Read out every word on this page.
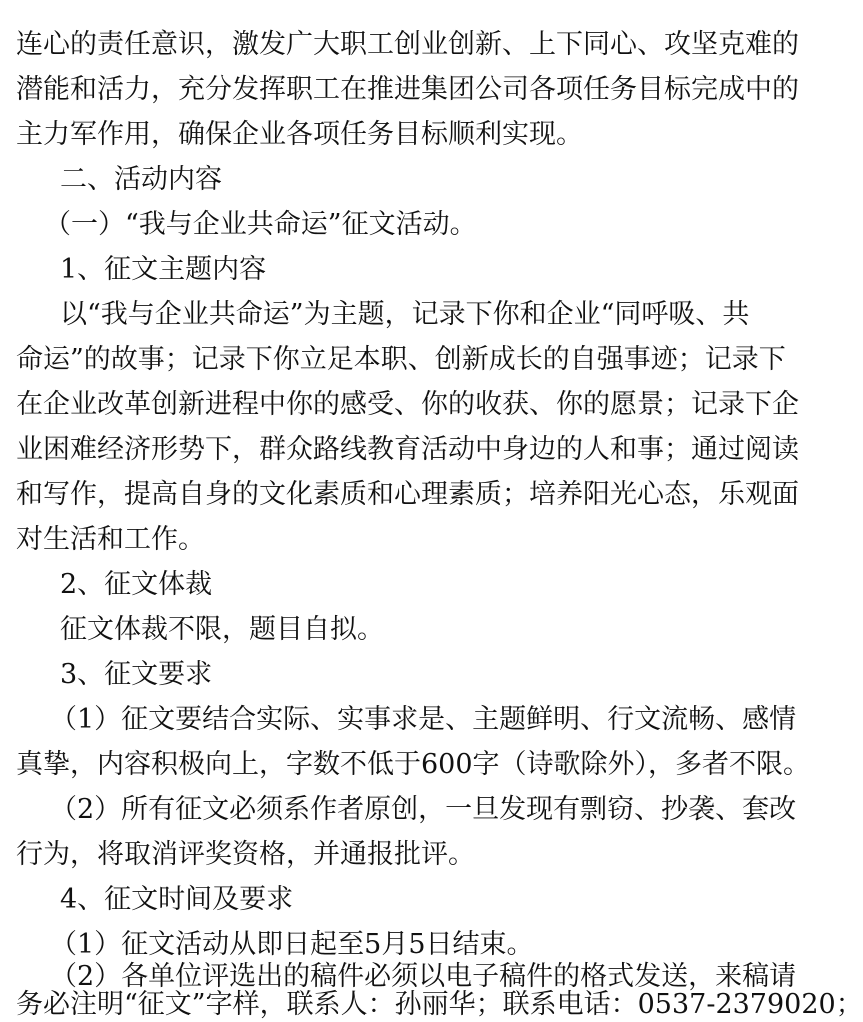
连心的责任意识，激发广大职工创业创新、上下同心、攻坚克难的
潜能和活力，充分发挥职工在推进集团公司各项任务目标完成中的
主力军作用，确保企业各项任务目标顺利实现。
二、活动内容
（一）“我与企业共命运”征文活动。
1、征文主题内容
以“我与企业共命运”为主题，记录下你和企业“同呼吸、共
命运”的故事；记录下你立足本职、创新成长的自强事迹；记录下
在企业改革创新进程中你的感受、你的收获、你的愿景；记录下企
业困难经济形势下，群众路线教育活动中身边的人和事；通过阅读
和写作，提高自身的文化素质和心理素质；培养阳光心态，乐观面
对生活和工作。
2、征文体裁
征文体裁不限，题目自拟。
3、征文要求
（1）征文要结合实际、实事求是、主题鲜明、行文流畅、感情
真挚，内容积极向上，字数不低于600字（诗歌除外），多者不限。
（2）所有征文必须系作者原创，一旦发现有剽窃、抄袭、套改
行为，将取消评奖资格，并通报批评。
4、征文时间及要求
（1）征文活动从即日起至5月5日结束。
（2）各单位评选出的稿件必须以电子稿件的格式发送，来稿请
务必注明“征文”字样，联系人：孙丽华；联系电话：0537-2379020；
